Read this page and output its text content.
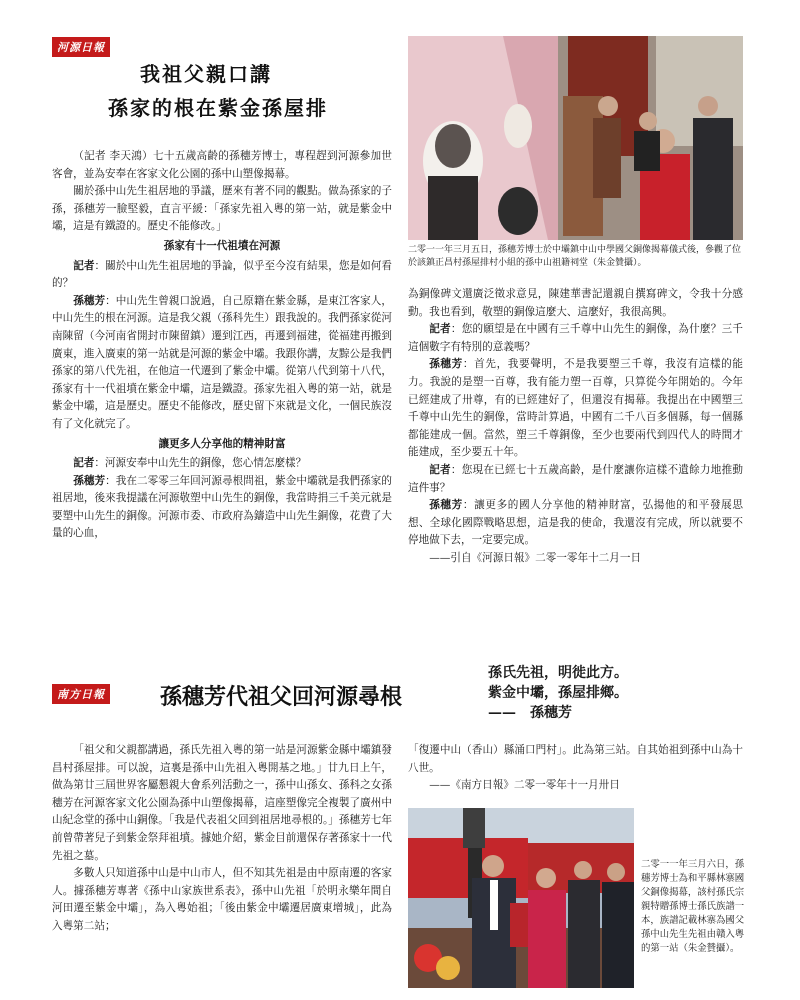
河源日報
我祖父親口講
孫家的根在紫金孫屋排
二零一一年三月五日，孫穗芳博士於中壩鎮中山中學國父銅像揭幕儀式後，參觀了位於該鎮正昌村孫屋排村小組的孫中山祖籍祠堂（朱金贊攝）。

（記者 李天鴻）七十五歲高齡的孫穗芳博士，專程趕到河源參加世客會，並為安奉在客家文化公園的孫中山塑像揭幕。

關於孫中山先生祖居地的爭議，歷來有著不同的觀點。做為孫家的子孫，孫穗芳一臉堅毅，直言平緩：「孫家先祖入粵的第一站，就是紫金中壩，這是有鐵證的。歷史不能修改。」

孫家有十一代祖墳在河源

記者：關於中山先生祖居地的爭論，似乎至今沒有結果，您是如何看的？

孫穗芳：中山先生曾親口說過，自己原籍在紫金縣，是東江客家人，中山先生的根在河源。這是我父親（孫科先生）跟我說的。我們孫家從河南陳留（今河南省開封市陳留鎮）遷到江西，再遷到福建，從福建再搬到廣東，進入廣東的第一站就是河源的紫金中壩。我跟你講，友黥公是我們孫家的第八代先祖，在他這一代遷到了紫金中壩。從第八代到第十八代，孫家有十一代祖墳在紫金中壩，這是鐵證。孫家先祖入粵的第一站，就是紫金中壩，這是歷史。歷史不能修改，歷史留下來就是文化，一個民族沒有了文化就完了。

讓更多人分享他的精神財富

記者：河源安奉中山先生的銅像，您心情怎麼樣？

孫穗芳：我在二零零三年回河源尋根問祖，紫金中壩就是我們孫家的祖居地，後來我提議在河源敬塑中山先生的銅像，我當時捐三千美元就是要塑中山先生的銅像。河源市委、市政府為鑄造中山先生銅像，花費了大量的心血，

為銅像碑文還廣泛徵求意見，陳建華書記還親自撰寫碑文，令我十分感動。我也看到，敬塑的銅像這麼大、這麼好，我很高興。

記者：您的願望是在中國有三千尊中山先生的銅像，為什麼？三千這個數字有特別的意義嗎？

孫穗芳：首先，我要聲明，不是我要塑三千尊，我沒有這樣的能力。我說的是塑一百尊，我有能力塑一百尊，只算從今年開始的。今年已經建成了卅尊，有的已經建好了，但還沒有揭幕。我提出在中國塑三千尊中山先生的銅像，當時計算過，中國有二千八百多個縣，每一個縣都能建成一個。當然，塑三千尊銅像，至少也要兩代到四代人的時間才能建成，至少要五十年。

記者：您現在已經七十五歲高齡，是什麼讓你這樣不遺餘力地推動這件事？

孫穗芳：讓更多的國人分享他的精神財富，弘揚他的和平發展思想、全球化國際戰略思想，這是我的使命，我還沒有完成，所以就要不停地做下去，一定要完成。

——引自《河源日報》二零一零年十二月一日

南方日報	孫穗芳代祖父回河源尋根
孫氏先祖，明徙此方。
紫金中壩，孫屋排鄉。
——　孫穗芳

「祖父和父親都講過，孫氏先祖入粵的第一站是河源紫金縣中壩鎮發昌村孫屋排。可以說，這裏是孫中山先祖入粵開基之地。」廿九日上午，做為第廿三屆世界客屬懇親大會系列活動之一，孫中山孫女、孫科之女孫穗芳在河源客家文化公園為孫中山塑像揭幕，這座塑像完全複製了廣州中山紀念堂的孫中山銅像。「我是代表祖父回到祖居地尋根的。」孫穗芳七年前曾帶著兒子到紫金祭拜祖墳。據她介紹，紫金目前還保存著孫家十一代先祖之墓。

多數人只知道孫中山是中山市人，但不知其先祖是由中原南遷的客家人。據孫穗芳專著《孫中山家族世系表》，孫中山先祖「於明永樂年間自河田遷至紫金中壩」，為入粵始祖；「後由紫金中壩遷居廣東增城」，此為入粵第二站；

「復遷中山（香山）縣涌口門村」。此為第三站。自其始祖到孫中山為十八世。

——《南方日報》二零一零年十一月卅日

二零一一年三月六日，孫穗芳博士為和平縣林寨國父銅像揭幕，該村孫氏宗親特贈孫博士孫氏族譜一本，族譜記載林寨為國父孫中山先生先祖由贛入粵的第一站（朱金贊攝）。
